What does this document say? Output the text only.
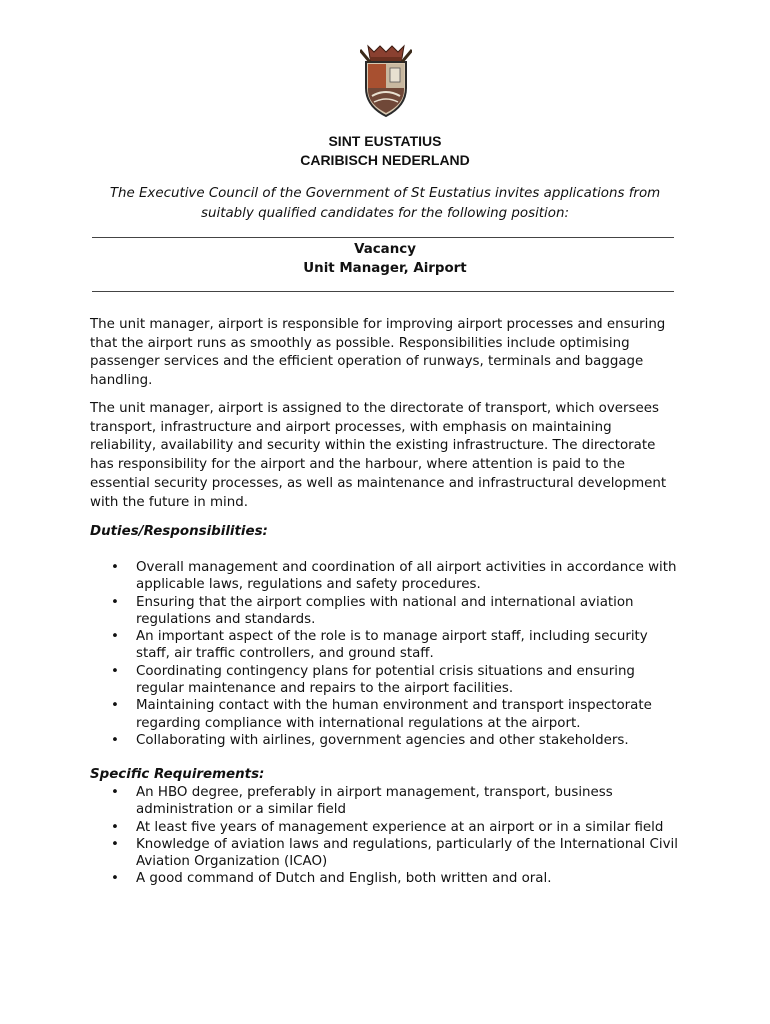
SINT EUSTATIUS
CARIBISCH NEDERLAND
The Executive Council of the Government of St Eustatius invites applications from
suitably qualified candidates for the following position:
Vacancy
Unit Manager, Airport

The unit manager, airport is responsible for improving airport processes and ensuring that the airport runs as smoothly as possible. Responsibilities include optimising passenger services and the efficient operation of runways, terminals and baggage handling.

The unit manager, airport is assigned to the directorate of transport, which oversees transport, infrastructure and airport processes, with emphasis on maintaining reliability, availability and security within the existing infrastructure. The directorate has responsibility for the airport and the harbour, where attention is paid to the essential security processes, as well as maintenance and infrastructural development with the future in mind.

Duties/Responsibilities:
• Overall management and coordination of all airport activities in accordance with applicable laws, regulations and safety procedures.
• Ensuring that the airport complies with national and international aviation regulations and standards.
• An important aspect of the role is to manage airport staff, including security staff, air traffic controllers, and ground staff.
• Coordinating contingency plans for potential crisis situations and ensuring regular maintenance and repairs to the airport facilities.
• Maintaining contact with the human environment and transport inspectorate regarding compliance with international regulations at the airport.
• Collaborating with airlines, government agencies and other stakeholders.
Specific Requirements:
• An HBO degree, preferably in airport management, transport, business administration or a similar field
• At least five years of management experience at an airport or in a similar field
• Knowledge of aviation laws and regulations, particularly of the International Civil Aviation Organization (ICAO)
• A good command of Dutch and English, both written and oral.
